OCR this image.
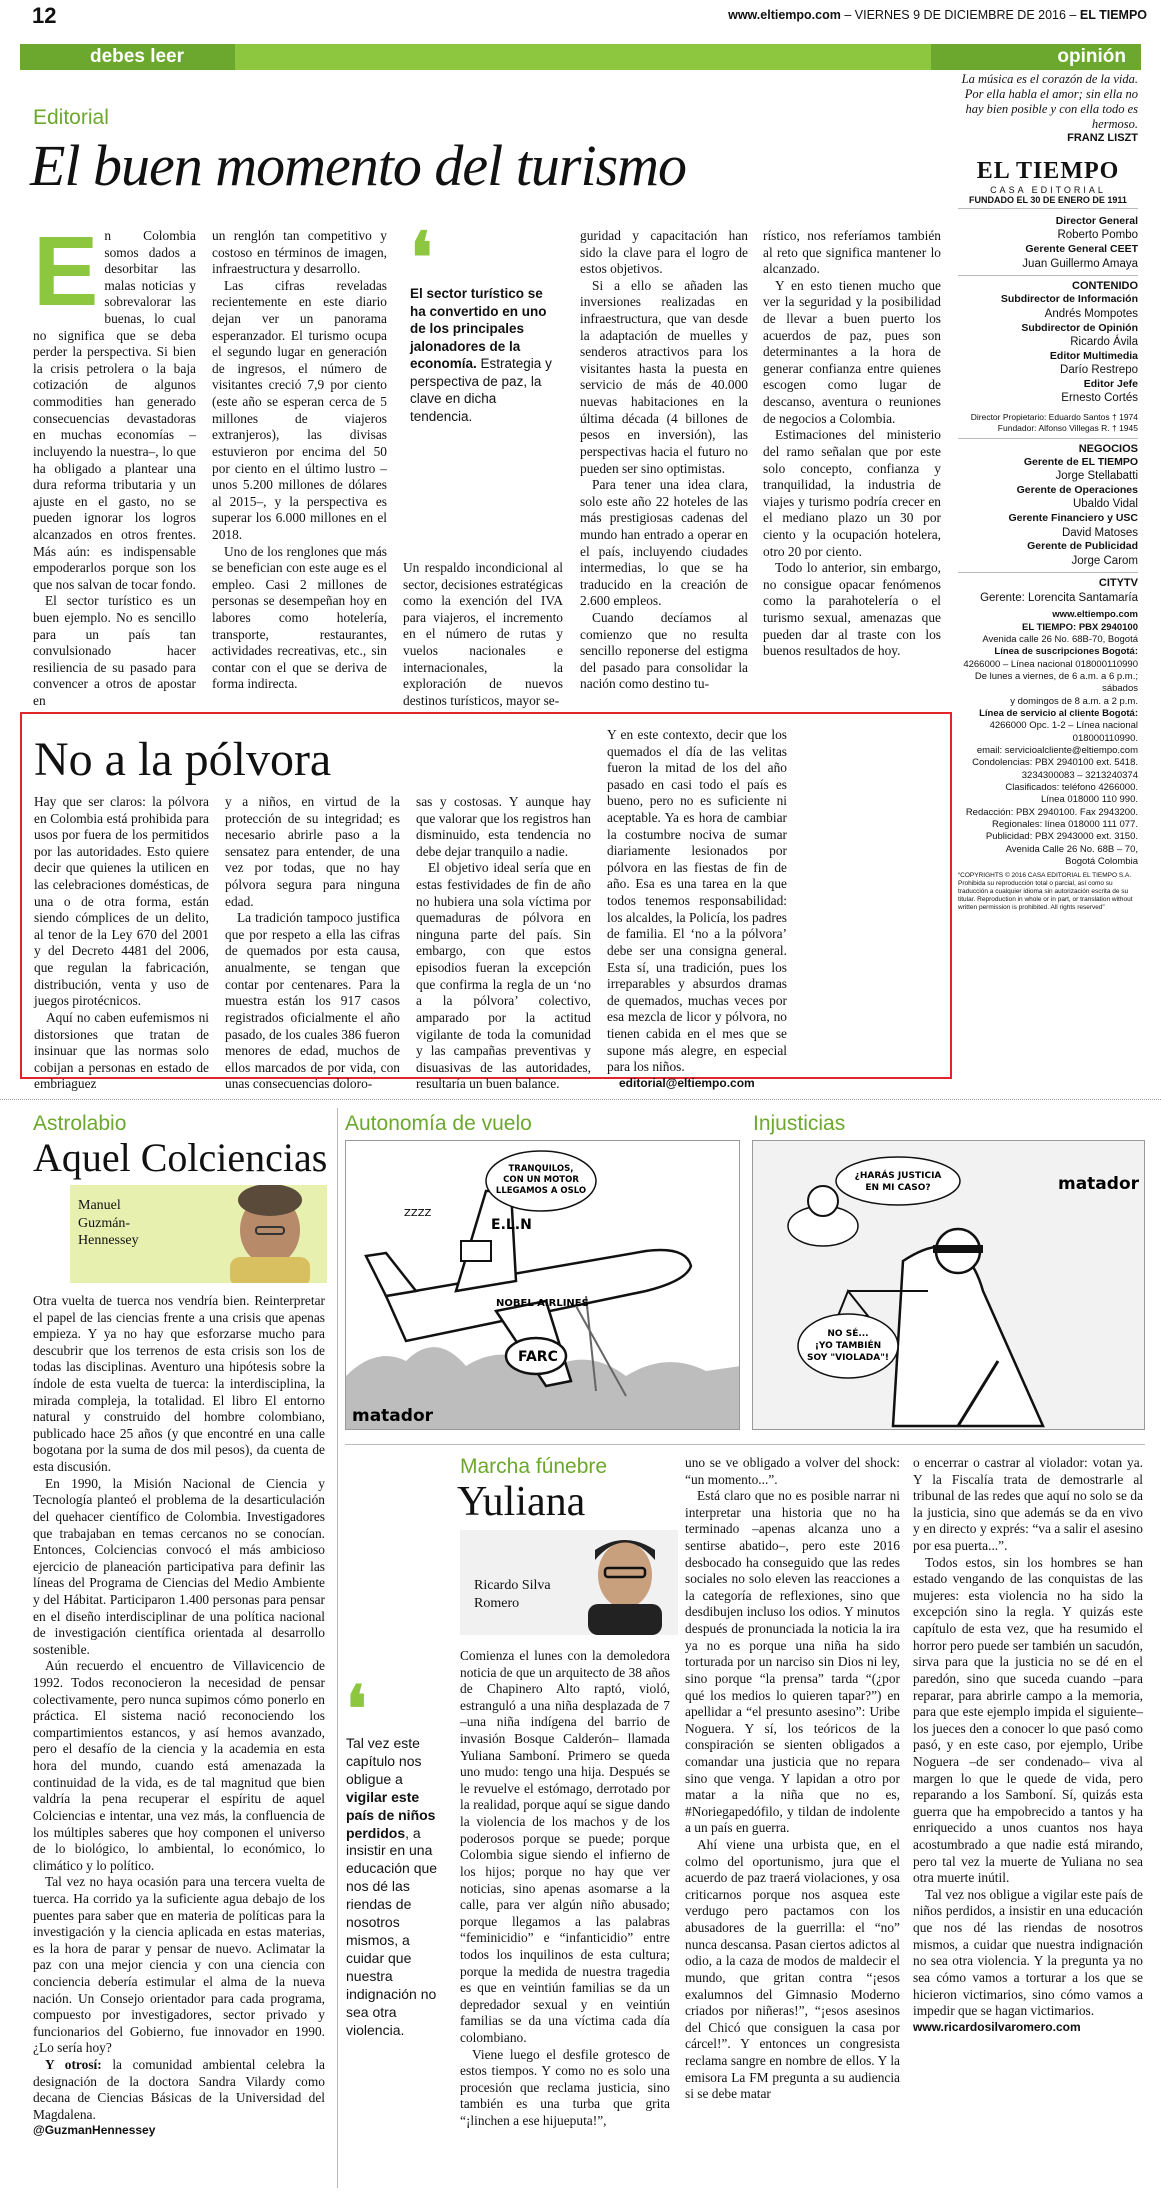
12	www.eltiempo.com – VIERNES 9 DE DICIEMBRE DE 2016 – EL TIEMPO
debes leer	opinión
Editorial
El buen momento del turismo
E n Colombia somos dados a desorbitar las malas noticias y sobrevalorar las buenas, lo cual no significa que se deba perder la perspectiva. Si bien la crisis petrolera o la baja cotización de algunos commodities han generado consecuencias devastadoras en muchas economías –incluyendo la nuestra–, lo que ha obligado a plantear una dura reforma tributaria y un ajuste en el gasto, no se pueden ignorar los logros alcanzados en otros frentes. Más aún: es indispensable empoderarlos porque son los que nos salvan de tocar fondo.

El sector turístico es un buen ejemplo. No es sencillo para un país tan convulsionado hacer resiliencia de su pasado para convencer a otros de apostar en

un renglón tan competitivo y costoso en términos de imagen, infraestructura y desarrollo.

Las cifras reveladas recientemente en este diario dejan ver un panorama esperanzador. El turismo ocupa el segundo lugar en generación de ingresos, el número de visitantes creció 7,9 por ciento (este año se esperan cerca de 5 millones de viajeros extranjeros), las divisas estuvieron por encima del 50 por ciento en el último lustro –unos 5.200 millones de dólares al 2015–, y la perspectiva es superar los 6.000 millones en el 2018.

Uno de los renglones que más se benefician con este auge es el empleo. Casi 2 millones de personas se desempeñan hoy en labores como hotelería, transporte, restaurantes, actividades recreativas, etc., sin contar con el que se deriva de forma indirecta.

❛
El sector turístico se ha convertido en uno de los principales jalonadores de la economía. Estrategia y perspectiva de paz, la clave en dicha tendencia.

Un respaldo incondicional al sector, decisiones estratégicas como la exención del IVA para viajeros, el incremento en el número de rutas y vuelos nacionales e internacionales, la exploración de nuevos destinos turísticos, mayor se-

guridad y capacitación han sido la clave para el logro de estos objetivos.

Si a ello se añaden las inversiones realizadas en infraestructura, que van desde la adaptación de muelles y senderos atractivos para los visitantes hasta la puesta en servicio de más de 40.000 nuevas habitaciones en la última década (4 billones de pesos en inversión), las perspectivas hacia el futuro no pueden ser sino optimistas.

Para tener una idea clara, solo este año 22 hoteles de las más prestigiosas cadenas del mundo han entrado a operar en el país, incluyendo ciudades intermedias, lo que se ha traducido en la creación de 2.600 empleos.

Cuando decíamos al comienzo que no resulta sencillo reponerse del estigma del pasado para consolidar la nación como destino tu-

rístico, nos referíamos también al reto que significa mantener lo alcanzado.

Y en esto tienen mucho que ver la seguridad y la posibilidad de llevar a buen puerto los acuerdos de paz, pues son determinantes a la hora de generar confianza entre quienes escogen como lugar de descanso, aventura o reuniones de negocios a Colombia.

Estimaciones del ministerio del ramo señalan que por este solo concepto, confianza y tranquilidad, la industria de viajes y turismo podría crecer en el mediano plazo un 30 por ciento y la ocupación hotelera, otro 20 por ciento.

Todo lo anterior, sin embargo, no consigue opacar fenómenos como la parahotelería o el turismo sexual, amenazas que pueden dar al traste con los buenos resultados de hoy.

La música es el corazón de la vida. Por ella habla el amor; sin ella no hay bien posible y con ella todo es hermoso.
FRANZ LISZT
EL TIEMPO
CASA EDITORIAL
FUNDADO EL 30 DE ENERO DE 1911
Director General
Roberto Pombo
Gerente General CEET
Juan Guillermo Amaya
CONTENIDO
Subdirector de Información
Andrés Mompotes
Subdirector de Opinión
Ricardo Ávila
Editor Multimedia
Darío Restrepo
Editor Jefe
Ernesto Cortés
Director Propietario: Eduardo Santos † 1974
Fundador: Alfonso Villegas R. † 1945
NEGOCIOS
Gerente de EL TIEMPO
Jorge Stellabatti
Gerente de Operaciones
Ubaldo Vidal
Gerente Financiero y USC
David Matoses
Gerente de Publicidad
Jorge Carom
CITYTV
Gerente: Lorencita Santamaría
www.eltiempo.com
EL TIEMPO: PBX 2940100
Avenida calle 26 No. 68B-70, Bogotá
Línea de suscripciones Bogotá:
4266000 – Línea nacional 018000110990
De lunes a viernes, de 6 a.m. a 6 p.m.; sábados
y domingos de 8 a.m. a 2 p.m.
Línea de servicio al cliente Bogotá:
4266000 Opc. 1-2 – Línea nacional 018000110990.
email: servicioalcliente@eltiempo.com
Condolencias: PBX 2940100 ext. 5418.
3234300083 – 3213240374
Clasificados: teléfono 4266000.
Línea 018000 110 990.
Redacción: PBX 2940100. Fax 2943200.
Regionales: línea 018000 111 077.
Publicidad: PBX 2943000 ext. 3150.
Avenida Calle 26 No. 68B – 70,
Bogotá Colombia
“COPYRIGHTS © 2016 CASA EDITORIAL EL TIEMPO S.A. Prohibida su reproducción total o parcial, así como su traducción a cualquier idioma sin autorización escrita de su titular. Reproduction in whole or in part, or translation without written permission is prohibited. All rights reserved”
No a la pólvora

Hay que ser claros: la pólvora en Colombia está prohibida para usos por fuera de los permitidos por las autoridades. Esto quiere decir que quienes la utilicen en las celebraciones domésticas, de una o de otra forma, están siendo cómplices de un delito, al tenor de la Ley 670 del 2001 y del Decreto 4481 del 2006, que regulan la fabricación, distribución, venta y uso de juegos pirotécnicos.

Aquí no caben eufemismos ni distorsiones que tratan de insinuar que las normas solo cobijan a personas en estado de embriaguez

y a niños, en virtud de la protección de su integridad; es necesario abrirle paso a la sensatez para entender, de una vez por todas, que no hay pólvora segura para ninguna edad.

La tradición tampoco justifica que por respeto a ella las cifras de quemados por esta causa, anualmente, se tengan que contar por centenares. Para la muestra están los 917 casos registrados oficialmente el año pasado, de los cuales 386 fueron menores de edad, muchos de ellos marcados de por vida, con unas consecuencias doloro-

sas y costosas. Y aunque hay que valorar que los registros han disminuido, esta tendencia no debe dejar tranquilo a nadie.

El objetivo ideal sería que en estas festividades de fin de año no hubiera una sola víctima por quemaduras de pólvora en ninguna parte del país. Sin embargo, con que estos episodios fueran la excepción que confirma la regla de un ‘no a la pólvora’ colectivo, amparado por la actitud vigilante de toda la comunidad y las campañas preventivas y disuasivas de las autoridades, resultaría un buen balance.

Y en este contexto, decir que los quemados el día de las velitas fueron la mitad de los del año pasado en casi todo el país es bueno, pero no es suficiente ni aceptable. Ya es hora de cambiar la costumbre nociva de sumar diariamente lesionados por pólvora en las fiestas de fin de año. Esa es una tarea en la que todos tenemos responsabilidad: los alcaldes, la Policía, los padres de familia. El ‘no a la pólvora’ debe ser una consigna general. Esta sí, una tradición, pues los irreparables y absurdos dramas de quemados, muchas veces por esa mezcla de licor y pólvora, no tienen cabida en el mes que se supone más alegre, en especial para los niños.

editorial@eltiempo.com

Astrolabio
Aquel Colciencias
Manuel Guzmán-Hennessey

Otra vuelta de tuerca nos vendría bien. Reinterpretar el papel de las ciencias frente a una crisis que apenas empieza. Y ya no hay que esforzarse mucho para descubrir que los terrenos de esta crisis son los de todas las disciplinas. Aventuro una hipótesis sobre la índole de esta vuelta de tuerca: la interdisciplina, la mirada compleja, la totalidad. El libro El entorno natural y construido del hombre colombiano, publicado hace 25 años (y que encontré en una calle bogotana por la suma de dos mil pesos), da cuenta de esta discusión.

En 1990, la Misión Nacional de Ciencia y Tecnología planteó el problema de la desarticulación del quehacer científico de Colombia. Investigadores que trabajaban en temas cercanos no se conocían. Entonces, Colciencias convocó el más ambicioso ejercicio de planeación participativa para definir las líneas del Programa de Ciencias del Medio Ambiente y del Hábitat. Participaron 1.400 personas para pensar en el diseño interdisciplinar de una política nacional de investigación científica orientada al desarrollo sostenible.

Aún recuerdo el encuentro de Villavicencio de 1992. Todos reconocieron la necesidad de pensar colectivamente, pero nunca supimos cómo ponerlo en práctica. El sistema nació reconociendo los compartimientos estancos, y así hemos avanzado, pero el desafío de la ciencia y la academia en esta hora del mundo, cuando está amenazada la continuidad de la vida, es de tal magnitud que bien valdría la pena recuperar el espíritu de aquel Colciencias e intentar, una vez más, la confluencia de los múltiples saberes que hoy componen el universo de lo biológico, lo ambiental, lo económico, lo climático y lo político.

Tal vez no haya ocasión para una tercera vuelta de tuerca. Ha corrido ya la suficiente agua debajo de los puentes para saber que en materia de políticas para la investigación y la ciencia aplicada en estas materias, es la hora de parar y pensar de nuevo. Aclimatar la paz con una mejor ciencia y con una ciencia con conciencia debería estimular el alma de la nueva nación. Un Consejo orientador para cada programa, compuesto por investigadores, sector privado y funcionarios del Gobierno, fue innovador en 1990. ¿Lo sería hoy?

Y otrosí: la comunidad ambiental celebra la designación de la doctora Sandra Vilardy como decana de Ciencias Básicas de la Universidad del Magdalena.

@GuzmanHennessey

Autonomía de vuelo
TRANQUILOS,
CON UN MOTOR
LLEGAMOS A OSLO
ZZZZ
E.L.N
NOBEL AIRLINES
FARC
matador
Injusticias
¿HARÁS JUSTICIA
EN MI CASO?
NO SÉ...
¡YO TAMBIÉN
SOY "VIOLADA"!
matador
Marcha fúnebre
Yuliana
Ricardo Silva Romero
❛
Tal vez este capítulo nos obligue a vigilar este país de niños perdidos, a insistir en una educación que nos dé las riendas de nosotros mismos, a cuidar que nuestra indignación no sea otra violencia.

Comienza el lunes con la demoledora noticia de que un arquitecto de 38 años de Chapinero Alto raptó, violó, estranguló a una niña desplazada de 7 –una niña indígena del barrio de invasión Bosque Calderón– llamada Yuliana Samboní. Primero se queda uno mudo: tengo una hija. Después se le revuelve el estómago, derrotado por la realidad, porque aquí se sigue dando la violencia de los machos y de los poderosos porque se puede; porque Colombia sigue siendo el infierno de los hijos; porque no hay que ver noticias, sino apenas asomarse a la calle, para ver algún niño abusado; porque llegamos a las palabras “feminicidio” e “infanticidio” entre todos los inquilinos de esta cultura; porque la medida de nuestra tragedia es que en veintiún familias se da un depredador sexual y en veintiún familias se da una víctima cada día colombiano.

Viene luego el desfile grotesco de estos tiempos. Y como no es solo una procesión que reclama justicia, sino también es una turba que grita “¡linchen a ese hijueputa!”,

uno se ve obligado a volver del shock: “un momento...”.

Está claro que no es posible narrar ni interpretar una historia que no ha terminado –apenas alcanza uno a sentirse abatido–, pero este 2016 desbocado ha conseguido que las redes sociales no solo eleven las reacciones a la categoría de reflexiones, sino que desdibujen incluso los odios. Y minutos después de pronunciada la noticia la ira ya no es porque una niña ha sido torturada por un narciso sin Dios ni ley, sino porque “la prensa” tarda “(¿por qué los medios lo quieren tapar?”) en apellidar a “el presunto asesino”: Uribe Noguera. Y sí, los teóricos de la conspiración se sienten obligados a comandar una justicia que no repara sino que venga. Y lapidan a otro por matar a la niña que no es, #Noriegapedófilo, y tildan de indolente a un país en guerra.

Ahí viene una urbista que, en el colmo del oportunismo, jura que el acuerdo de paz traerá violaciones, y osa criticarnos porque nos asquea este verdugo pero pactamos con los abusadores de la guerrilla: el “no” nunca descansa. Pasan ciertos adictos al odio, a la caza de modos de maldecir el mundo, que gritan contra “¡esos exalumnos del Gimnasio Moderno criados por niñeras!”, “¡esos asesinos del Chicó que consiguen la casa por cárcel!”. Y entonces un congresista reclama sangre en nombre de ellos. Y la emisora La FM pregunta a su audiencia si se debe matar

o encerrar o castrar al violador: votan ya. Y la Fiscalía trata de demostrarle al tribunal de las redes que aquí no solo se da la justicia, sino que además se da en vivo y en directo y exprés: “va a salir el asesino por esa puerta...”.

Todos estos, sin los hombres se han estado vengando de las conquistas de las mujeres: esta violencia no ha sido la excepción sino la regla. Y quizás este capítulo de esta vez, que ha resumido el horror pero puede ser también un sacudón, sirva para que la justicia no se dé en el paredón, sino que suceda cuando –para reparar, para abrirle campo a la memoria, para que este ejemplo impida el siguiente– los jueces den a conocer lo que pasó como pasó, y en este caso, por ejemplo, Uribe Noguera –de ser condenado– viva al margen lo que le quede de vida, pero reparando a los Samboní. Sí, quizás esta guerra que ha empobrecido a tantos y ha enriquecido a unos cuantos nos haya acostumbrado a que nadie está mirando, pero tal vez la muerte de Yuliana no sea otra muerte inútil.

Tal vez nos obligue a vigilar este país de niños perdidos, a insistir en una educación que nos dé las riendas de nosotros mismos, a cuidar que nuestra indignación no sea otra violencia. Y la pregunta ya no sea cómo vamos a torturar a los que se hicieron victimarios, sino cómo vamos a impedir que se hagan victimarios.

www.ricardosilvaromero.com
